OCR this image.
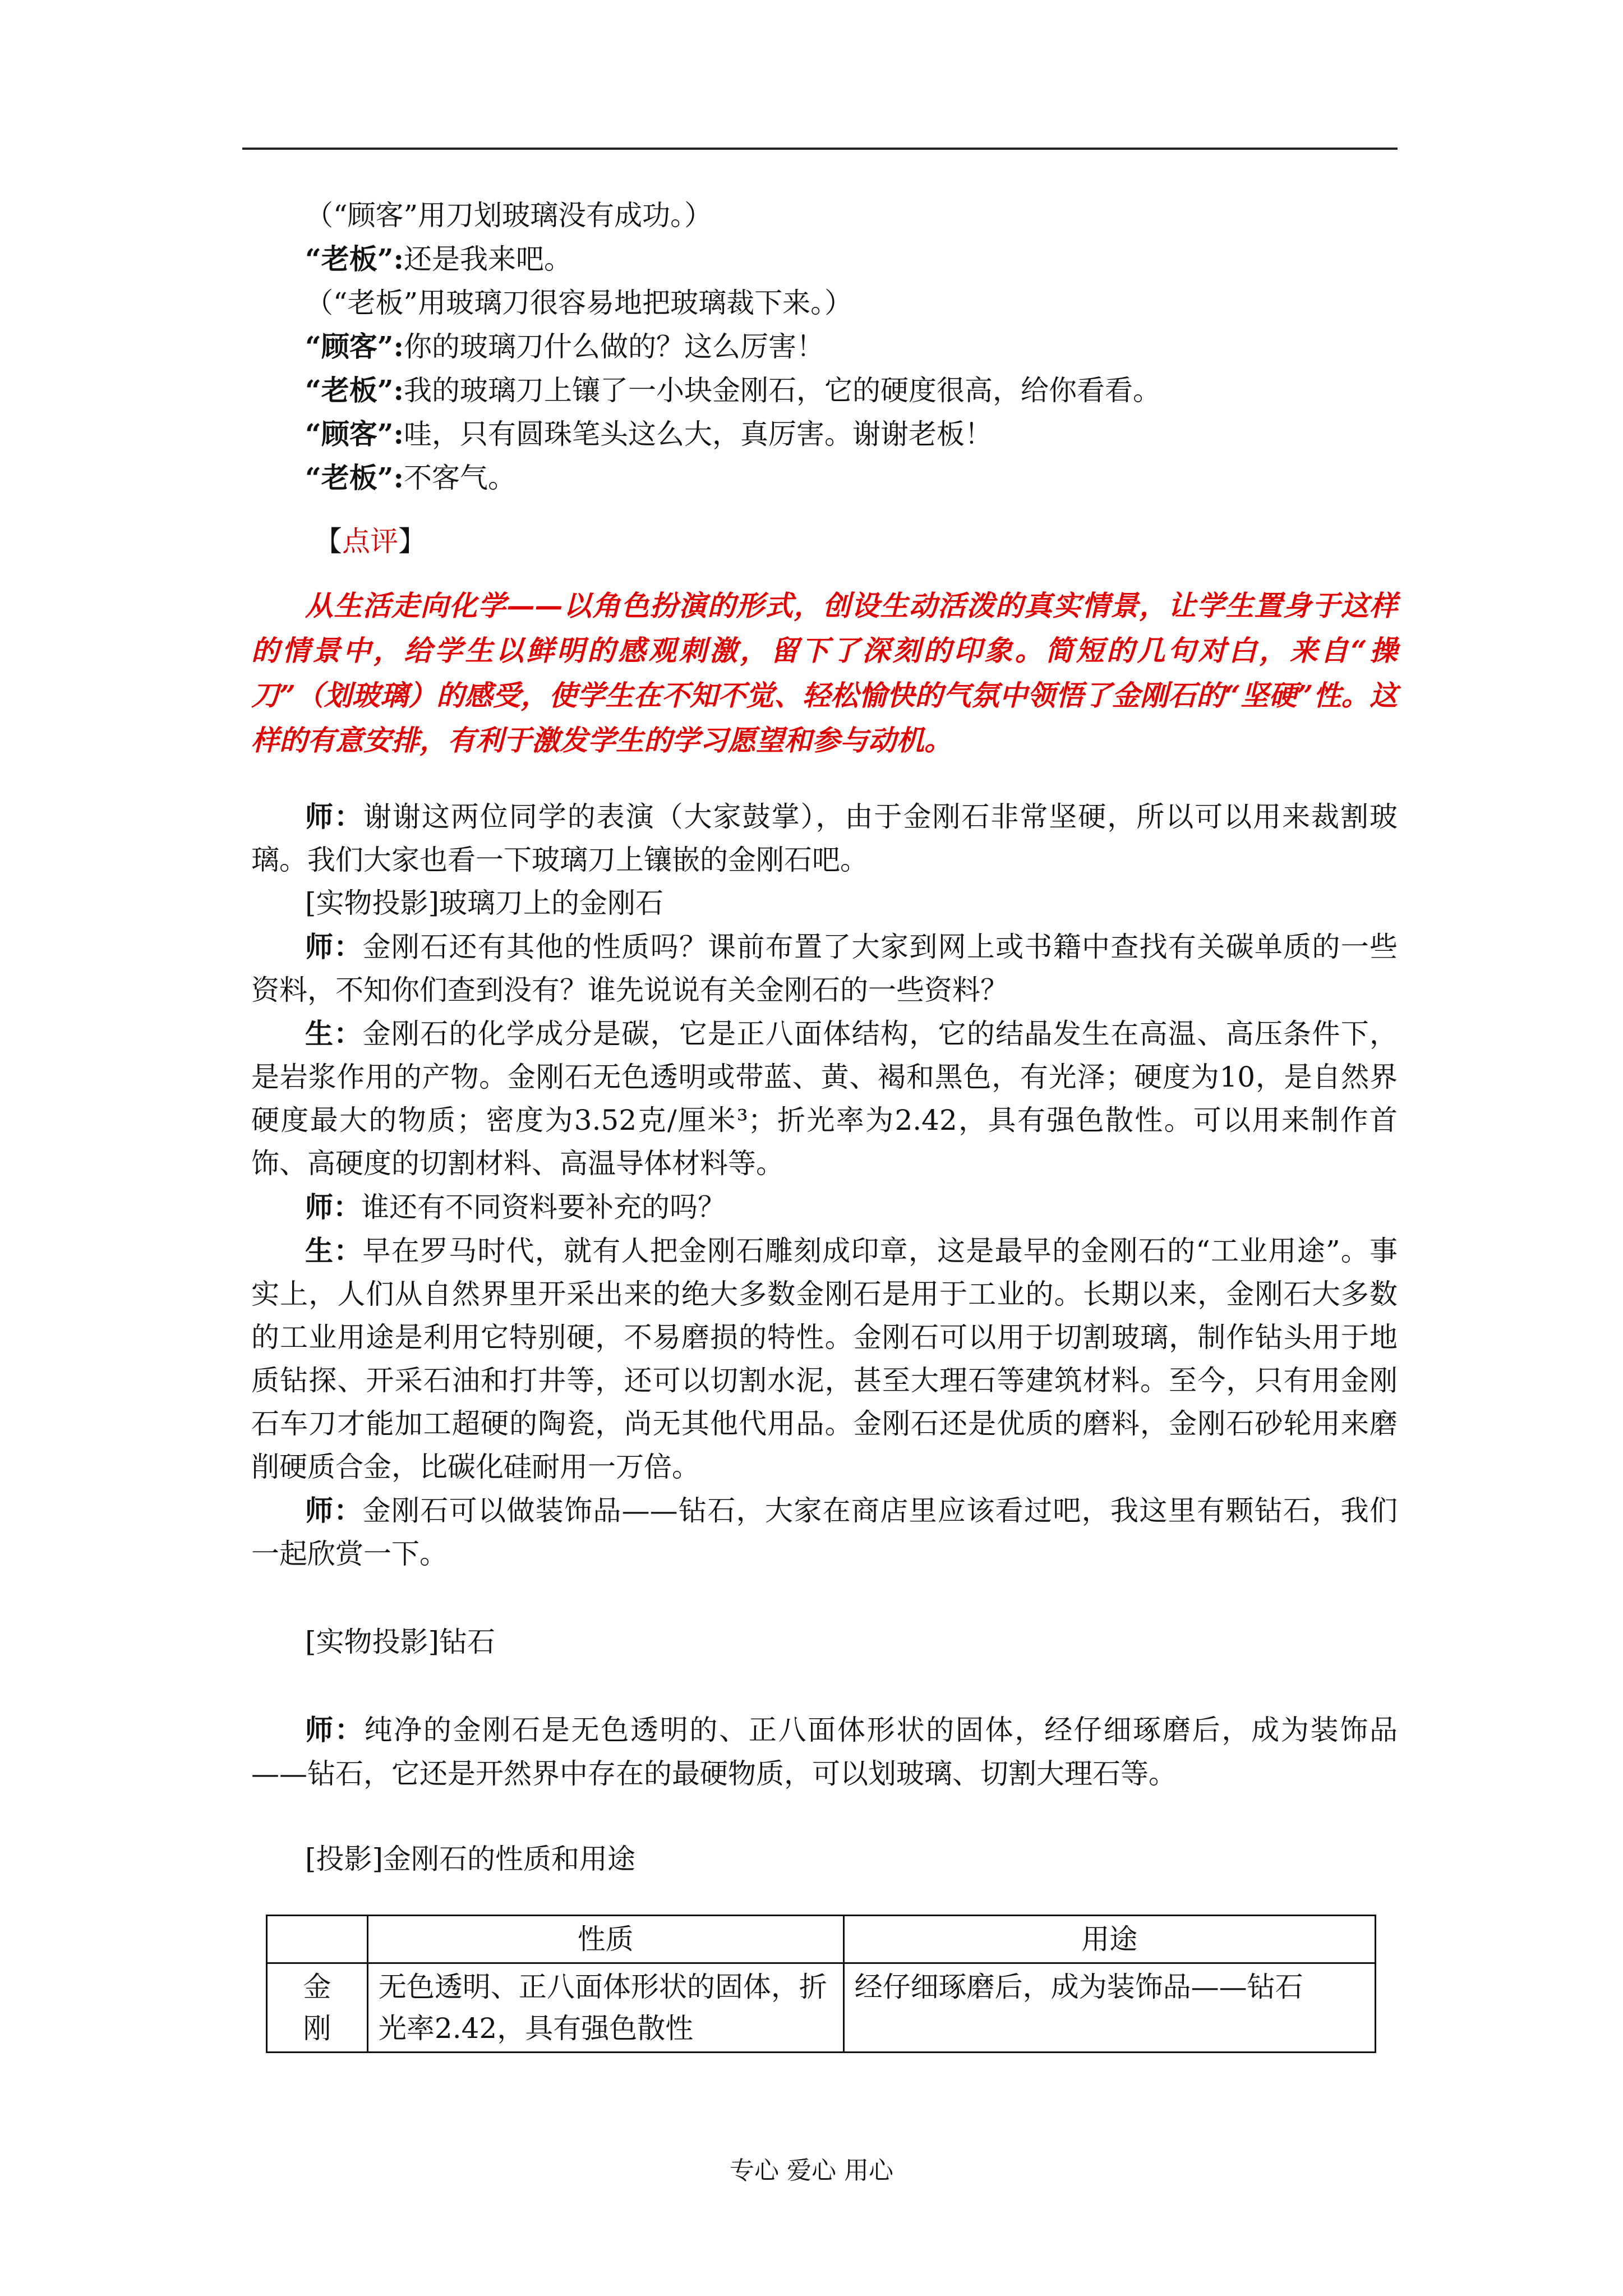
（“顾客”用刀划玻璃没有成功。）
“老板”:还是我来吧。
（“老板”用玻璃刀很容易地把玻璃裁下来。）
“顾客”:你的玻璃刀什么做的？这么厉害！
“老板”:我的玻璃刀上镶了一小块金刚石，它的硬度很高，给你看看。
“顾客”:哇，只有圆珠笔头这么大，真厉害。谢谢老板！
“老板”:不客气。
【点评】
从生活走向化学——以角色扮演的形式，创设生动活泼的真实情景，让学生置身于这样的情景中，给学生以鲜明的感观刺激，留下了深刻的印象。简短的几句对白，来自“操刀”（划玻璃）的感受，使学生在不知不觉、轻松愉快的气氛中领悟了金刚石的“坚硬”性。这样的有意安排，有利于激发学生的学习愿望和参与动机。
师：谢谢这两位同学的表演（大家鼓掌），由于金刚石非常坚硬，所以可以用来裁割玻璃。我们大家也看一下玻璃刀上镶嵌的金刚石吧。
[实物投影]玻璃刀上的金刚石
师：金刚石还有其他的性质吗？课前布置了大家到网上或书籍中查找有关碳单质的一些资料，不知你们查到没有？谁先说说有关金刚石的一些资料？
生：金刚石的化学成分是碳，它是正八面体结构，它的结晶发生在高温、高压条件下，是岩浆作用的产物。金刚石无色透明或带蓝、黄、褐和黑色，有光泽；硬度为10，是自然界硬度最大的物质；密度为3.52克/厘米³；折光率为2.42，具有强色散性。可以用来制作首饰、高硬度的切割材料、高温导体材料等。
师：谁还有不同资料要补充的吗？
生：早在罗马时代，就有人把金刚石雕刻成印章，这是最早的金刚石的“工业用途”。事实上，人们从自然界里开采出来的绝大多数金刚石是用于工业的。长期以来，金刚石大多数的工业用途是利用它特别硬，不易磨损的特性。金刚石可以用于切割玻璃，制作钻头用于地质钻探、开采石油和打井等，还可以切割水泥，甚至大理石等建筑材料。至今，只有用金刚石车刀才能加工超硬的陶瓷，尚无其他代用品。金刚石还是优质的磨料，金刚石砂轮用来磨削硬质合金，比碳化硅耐用一万倍。
师：金刚石可以做装饰品——钻石，大家在商店里应该看过吧，我这里有颗钻石，我们一起欣赏一下。
[实物投影]钻石
师：纯净的金刚石是无色透明的、正八面体形状的固体，经仔细琢磨后，成为装饰品——钻石，它还是开然界中存在的最硬物质，可以划玻璃、切割大理石等。
[投影]金刚石的性质和用途
	性质	用途
金刚	无色透明、正八面体形状的固体，折光率2.42，具有强色散性	经仔细琢磨后，成为装饰品——钻石
专心 爱心 用心
